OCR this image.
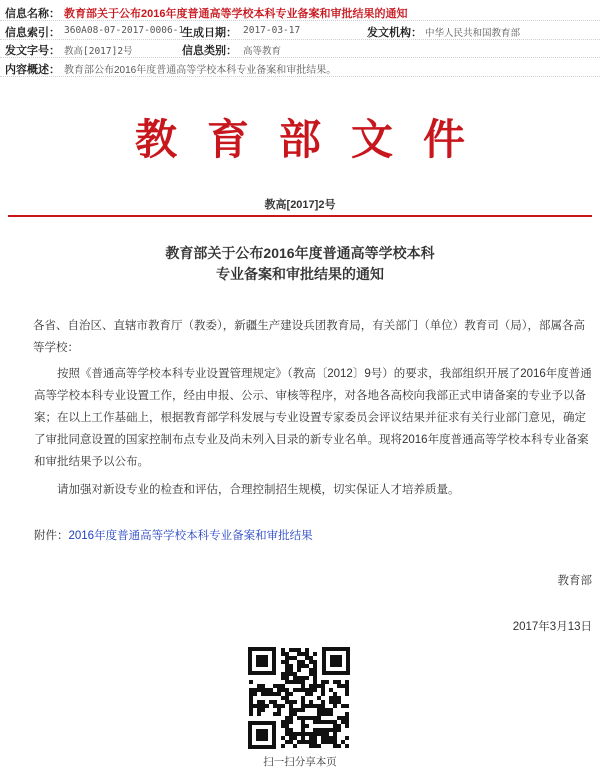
信息名称： 教育部关于公布2016年度普通高等学校本科专业备案和审批结果的通知
信息索引： 360A08-07-2017-0006-1
生成日期： 2017-03-17	发文机构： 中华人民共和国教育部
发文字号： 教高[2017]2号	信息类别： 高等教育
内容概述： 教育部公布2016年度普通高等学校本科专业备案和审批结果。
教育部文件
教高[2017]2号
教育部关于公布2016年度普通高等学校本科
专业备案和审批结果的通知
各省、自治区、直辖市教育厅（教委），新疆生产建设兵团教育局，有关部门（单位）教育司（局），部属各高等学校：
按照《普通高等学校本科专业设置管理规定》（教高〔2012〕9号）的要求，我部组织开展了2016年度普通高等学校本科专业设置工作，经由申报、公示、审核等程序，对各地各高校向我部正式申请备案的专业予以备案；在以上工作基础上，根据教育部学科发展与专业设置专家委员会评议结果并征求有关行业部门意见，确定了审批同意设置的国家控制布点专业及尚未列入目录的新专业名单。现将2016年度普通高等学校本科专业备案和审批结果予以公布。
请加强对新设专业的检查和评估，合理控制招生规模，切实保证人才培养质量。
附件：2016年度普通高等学校本科专业备案和审批结果
教育部
2017年3月13日
扫一扫分享本页
